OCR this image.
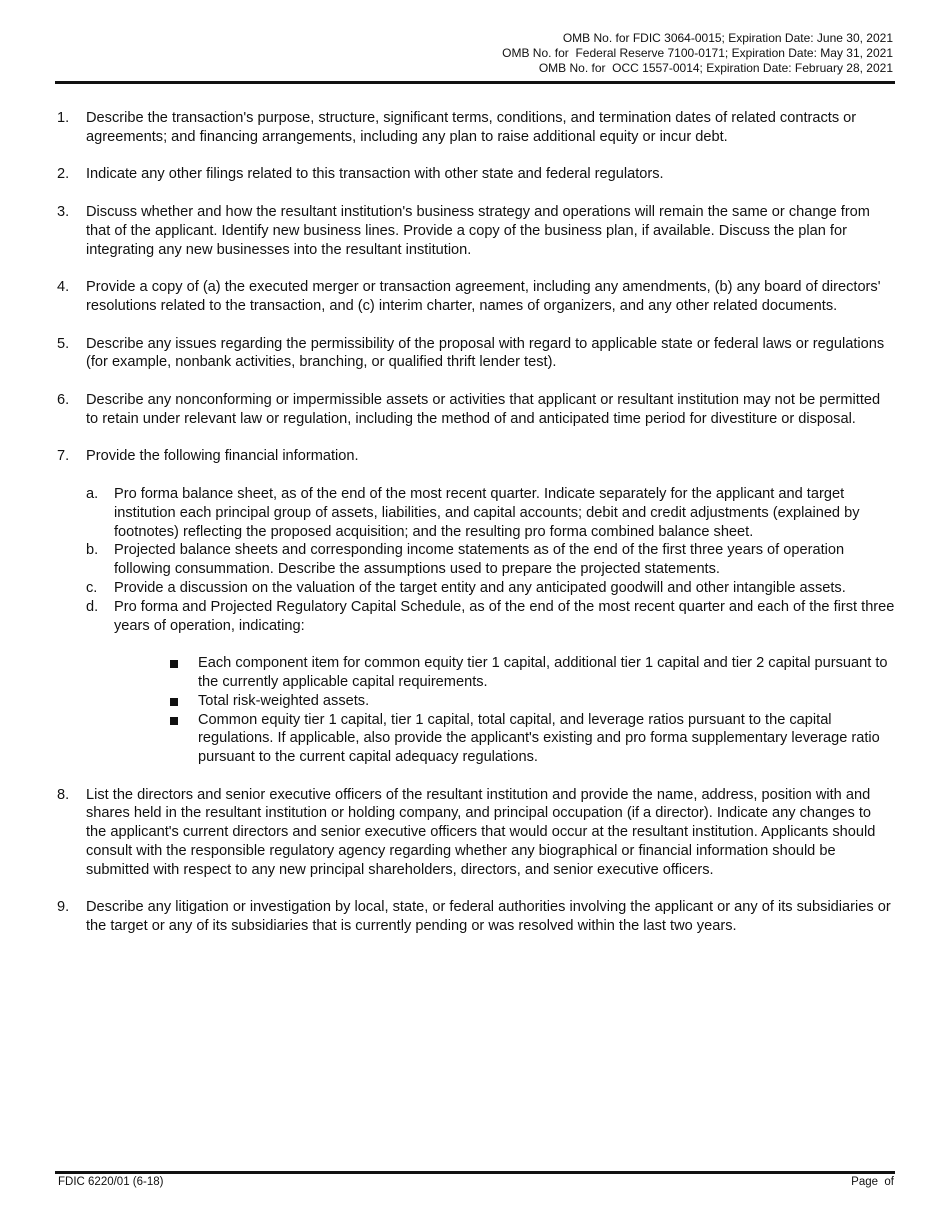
OMB No. for FDIC 3064-0015; Expiration Date: June 30, 2021
OMB No. for  Federal Reserve 7100-0171; Expiration Date: May 31, 2021
OMB No. for  OCC 1557-0014; Expiration Date: February 28, 2021
1. Describe the transaction's purpose, structure, significant terms, conditions, and termination dates of related contracts or agreements; and financing arrangements, including any plan to raise additional equity or incur debt.
2. Indicate any other filings related to this transaction with other state and federal regulators.
3. Discuss whether and how the resultant institution's business strategy and operations will remain the same or change from that of the applicant. Identify new business lines. Provide a copy of the business plan, if available. Discuss the plan for integrating any new businesses into the resultant institution.
4. Provide a copy of (a) the executed merger or transaction agreement, including any amendments, (b) any board of directors' resolutions related to the transaction, and (c) interim charter, names of organizers, and any other related documents.
5. Describe any issues regarding the permissibility of the proposal with regard to applicable state or federal laws or regulations (for example, nonbank activities, branching, or qualified thrift lender test).
6. Describe any nonconforming or impermissible assets or activities that applicant or resultant institution may not be permitted to retain under relevant law or regulation, including the method of and anticipated time period for divestiture or disposal.
7. Provide the following financial information.
a. Pro forma balance sheet, as of the end of the most recent quarter. Indicate separately for the applicant and target institution each principal group of assets, liabilities, and capital accounts; debit and credit adjustments (explained by footnotes) reflecting the proposed acquisition; and the resulting pro forma combined balance sheet.
b. Projected balance sheets and corresponding income statements as of the end of the first three years of operation following consummation. Describe the assumptions used to prepare the projected statements.
c. Provide a discussion on the valuation of the target entity and any anticipated goodwill and other intangible assets.
d. Pro forma and Projected Regulatory Capital Schedule, as of the end of the most recent quarter and each of the first three years of operation, indicating:
Each component item for common equity tier 1 capital, additional tier 1 capital and tier 2 capital pursuant to the currently applicable capital requirements.
Total risk-weighted assets.
Common equity tier 1 capital, tier 1 capital, total capital, and leverage ratios pursuant to the capital regulations. If applicable, also provide the applicant's existing and pro forma supplementary leverage ratio pursuant to the current capital adequacy regulations.
8. List the directors and senior executive officers of the resultant institution and provide the name, address, position with and shares held in the resultant institution or holding company, and principal occupation (if a director). Indicate any changes to the applicant's current directors and senior executive officers that would occur at the resultant institution. Applicants should consult with the responsible regulatory agency regarding whether any biographical or financial information should be submitted with respect to any new principal shareholders, directors, and senior executive officers.
9. Describe any litigation or investigation by local, state, or federal authorities involving the applicant or any of its subsidiaries or the target or any of its subsidiaries that is currently pending or was resolved within the last two years.
FDIC 6220/01 (6-18)	Page  of
